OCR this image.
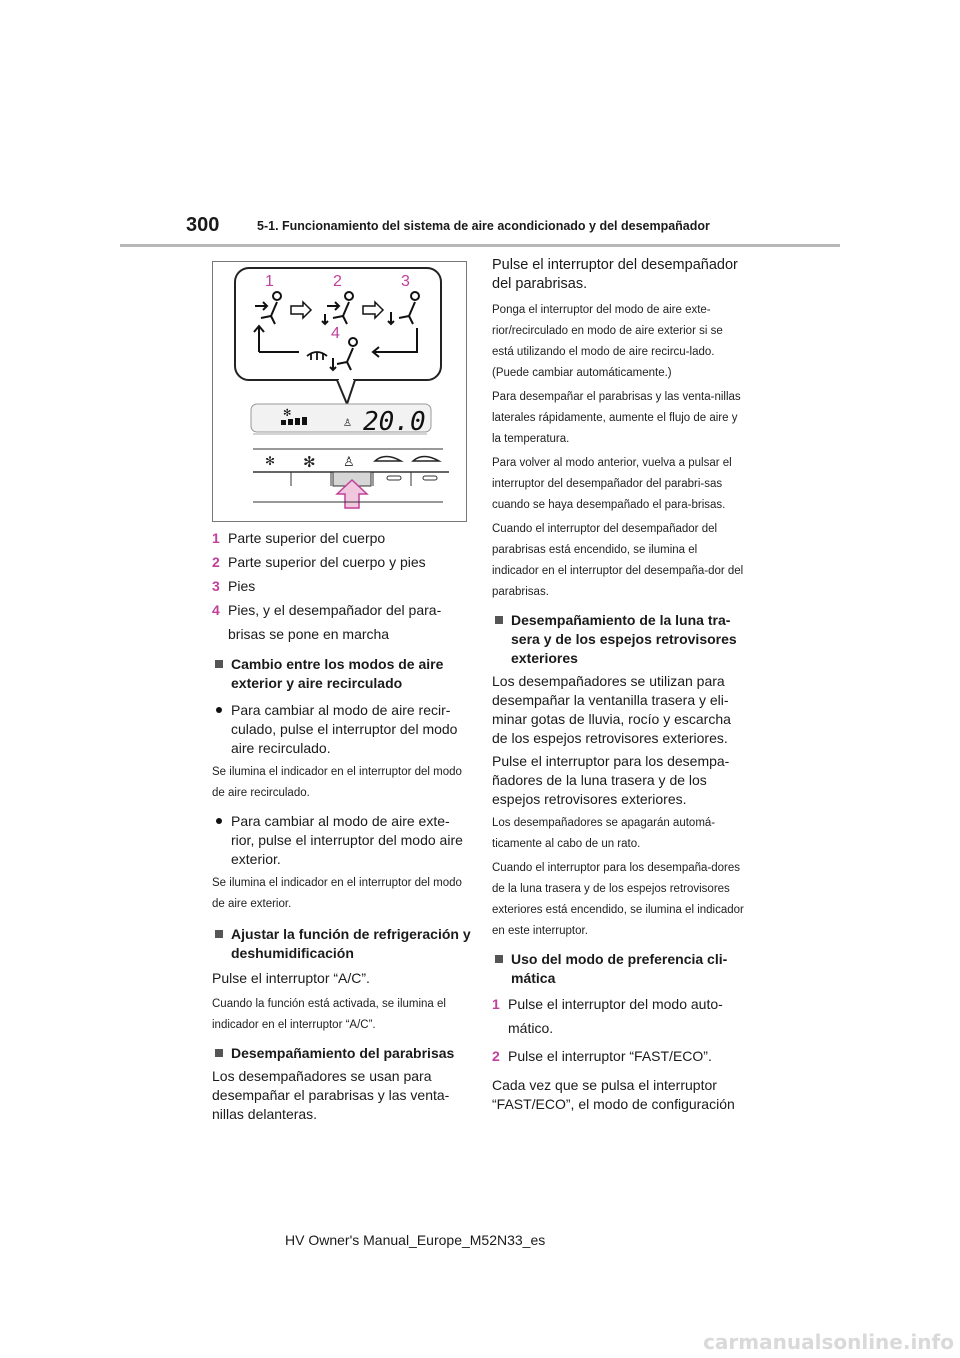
300	5-1. Funcionamiento del sistema de aire acondicionado y del desempañador
1	2	3
4
✻
♙ 20.0
✻ ✻ ♙
1 Parte superior del cuerpo
2 Parte superior del cuerpo y pies
3 Pies
4 Pies, y el desempañador del para-brisas se pone en marcha
Cambio entre los modos de aire exterior y aire recirculado
Para cambiar al modo de aire recir-culado, pulse el interruptor del modo aire recirculado.

Se ilumina el indicador en el interruptor del modo de aire recirculado.

Para cambiar al modo de aire exte-rior, pulse el interruptor del modo aire exterior.

Se ilumina el indicador en el interruptor del modo de aire exterior.

Ajustar la función de refrigeración y deshumidificación

Pulse el interruptor “A/C”.

Cuando la función está activada, se ilumina el indicador en el interruptor “A/C”.

Desempañamiento del parabrisas

Los desempañadores se usan para desempañar el parabrisas y las venta-nillas delanteras.

Pulse el interruptor del desempañador del parabrisas.

Ponga el interruptor del modo de aire exte-rior/recirculado en modo de aire exterior si se está utilizando el modo de aire recircu-lado. (Puede cambiar automáticamente.)

Para desempañar el parabrisas y las venta-nillas laterales rápidamente, aumente el flujo de aire y la temperatura.

Para volver al modo anterior, vuelva a pulsar el interruptor del desempañador del parabri-sas cuando se haya desempañado el para-brisas.

Cuando el interruptor del desempañador del parabrisas está encendido, se ilumina el indicador en el interruptor del desempaña-dor del parabrisas.

Desempañamiento de la luna tra-sera y de los espejos retrovisores exteriores

Los desempañadores se utilizan para desempañar la ventanilla trasera y eli-minar gotas de lluvia, rocío y escarcha de los espejos retrovisores exteriores.

Pulse el interruptor para los desempa-ñadores de la luna trasera y de los espejos retrovisores exteriores.

Los desempañadores se apagarán automá-ticamente al cabo de un rato.

Cuando el interruptor para los desempaña-dores de la luna trasera y de los espejos retrovisores exteriores está encendido, se ilumina el indicador en este interruptor.

Uso del modo de preferencia cli-mática
1 Pulse el interruptor del modo auto-mático.
2 Pulse el interruptor “FAST/ECO”.

Cada vez que se pulsa el interruptor “FAST/ECO”, el modo de configuración

HV Owner's Manual_Europe_M52N33_es
carmanualsonline.info
